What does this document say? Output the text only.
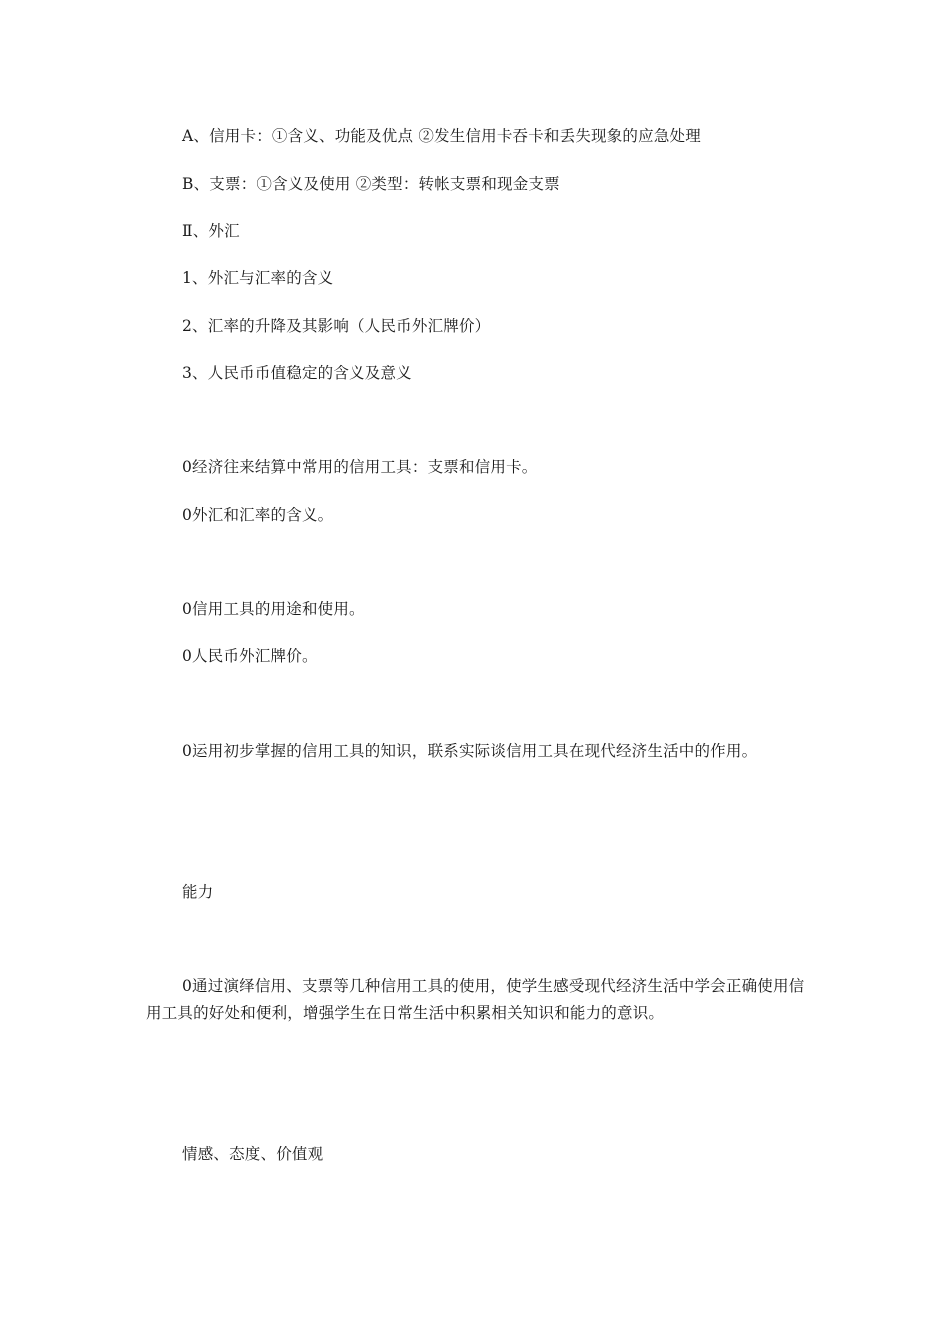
A、信用卡：①含义、功能及优点 ②发生信用卡吞卡和丢失现象的应急处理
B、支票：①含义及使用 ②类型：转帐支票和现金支票
Ⅱ、外汇
1、外汇与汇率的含义
2、汇率的升降及其影响（人民币外汇牌价）
3、人民币币值稳定的含义及意义
0经济往来结算中常用的信用工具：支票和信用卡。
0外汇和汇率的含义。
0信用工具的用途和使用。
0人民币外汇牌价。
0运用初步掌握的信用工具的知识，联系实际谈信用工具在现代经济生活中的作用。
能力
0通过演绎信用、支票等几种信用工具的使用，使学生感受现代经济生活中学会正确使用信用工具的好处和便利，增强学生在日常生活中积累相关知识和能力的意识。
情感、态度、价值观
